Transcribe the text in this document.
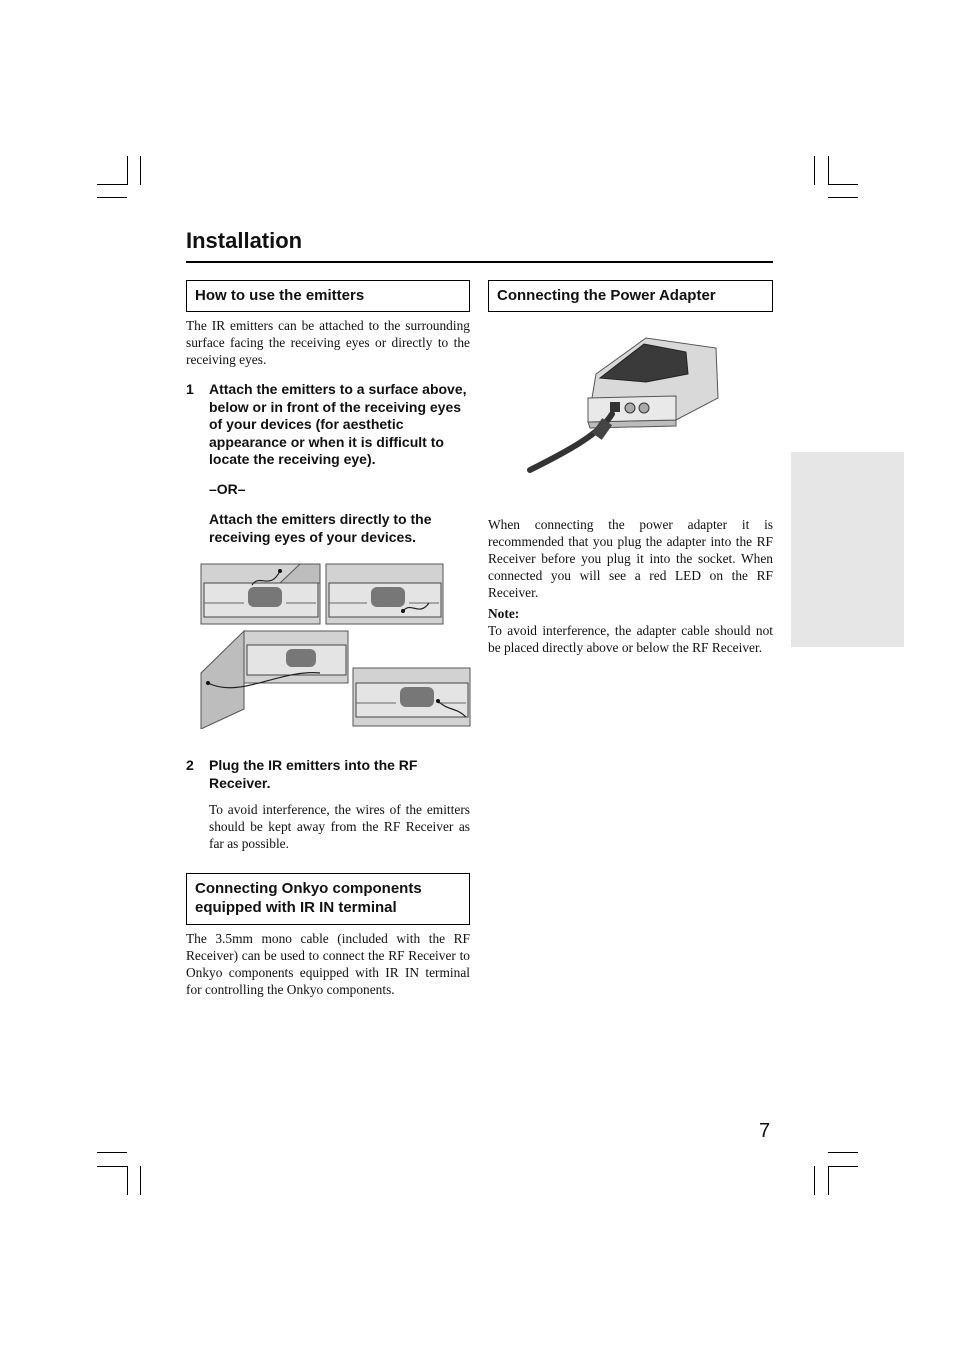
Installation
How to use the emitters

The IR emitters can be attached to the surrounding surface facing the receiving eyes or directly to the receiving eyes.

1 Attach the emitters to a surface above, below or in front of the receiving eyes of your devices (for aesthetic appearance or when it is difficult to locate the receiving eye).
–OR–
Attach the emitters directly to the receiving eyes of your devices.
2 Plug the IR emitters into the RF Receiver.

To avoid interference, the wires of the emitters should be kept away from the RF Receiver as far as possible.

Connecting Onkyo components equipped with IR IN terminal

The 3.5mm mono cable (included with the RF Receiver) can be used to connect the RF Receiver to Onkyo components equipped with IR IN terminal for controlling the Onkyo components.

Connecting the Power Adapter

When connecting the power adapter it is recommended that you plug the adapter into the RF Receiver before you plug it into the socket. When connected you will see a red LED on the RF Receiver.

Note:

To avoid interference, the adapter cable should not be placed directly above or below the RF Receiver.

7
